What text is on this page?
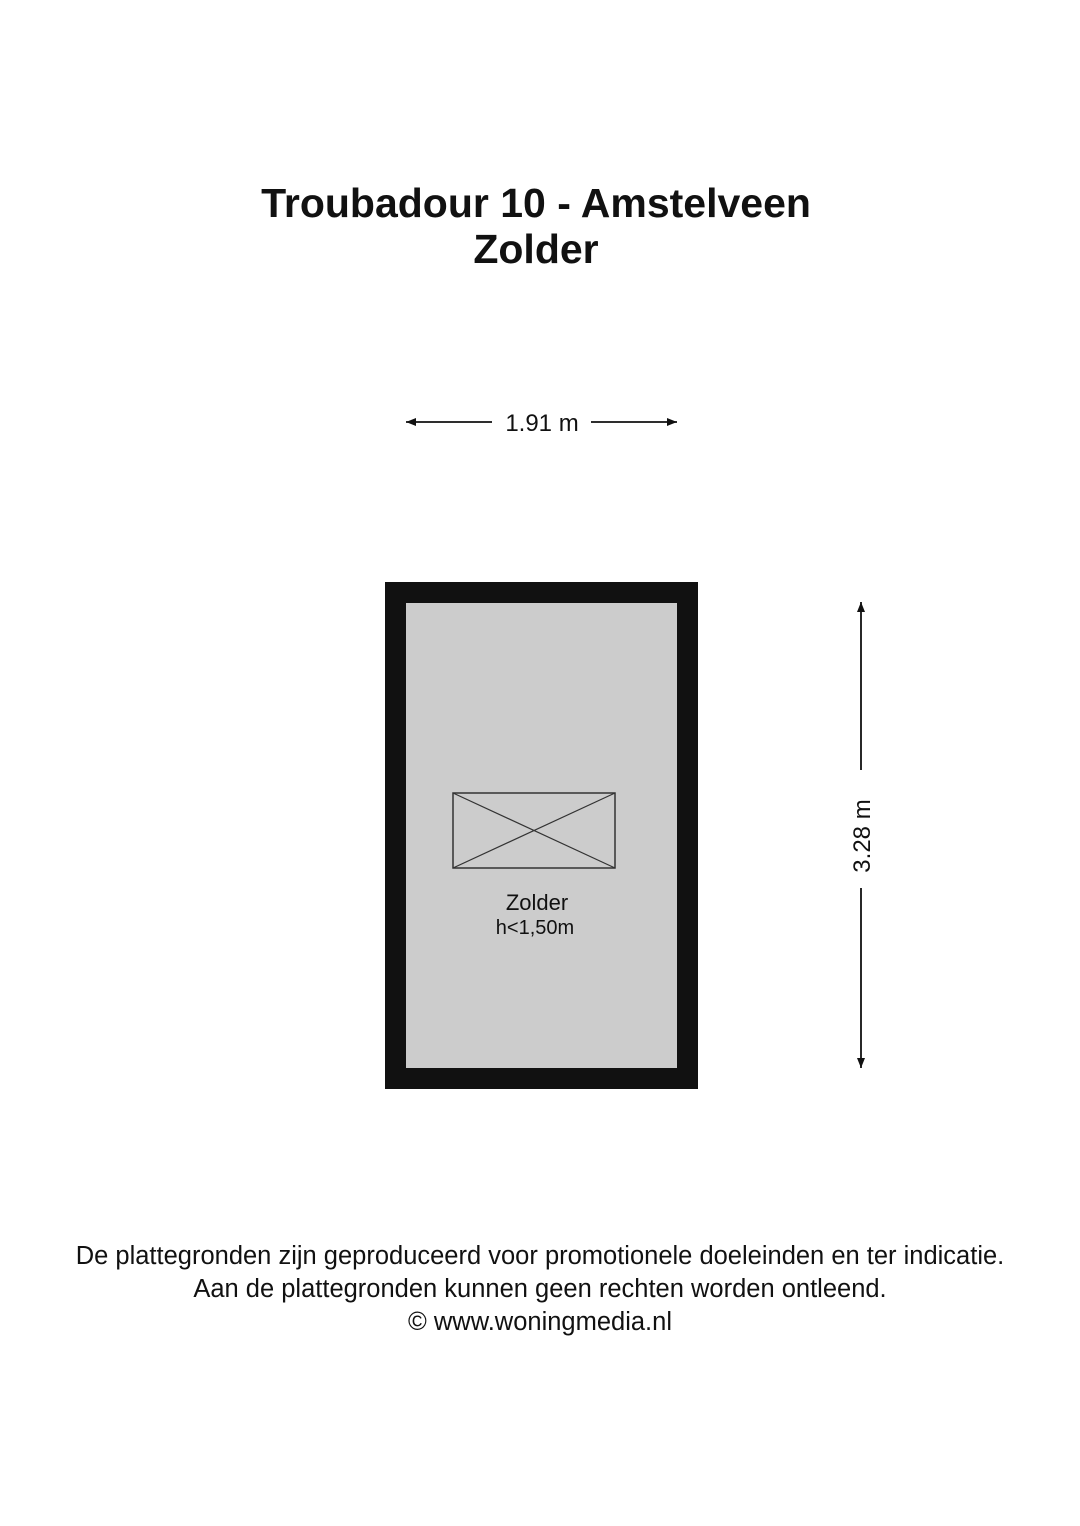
Troubadour 10 - Amstelveen
Zolder
1.91 m
Zolder
h<1,50m
3.28 m
De plattegronden zijn geproduceerd voor promotionele doeleinden en ter indicatie.
Aan de plattegronden kunnen geen rechten worden ontleend.
© www.woningmedia.nl
